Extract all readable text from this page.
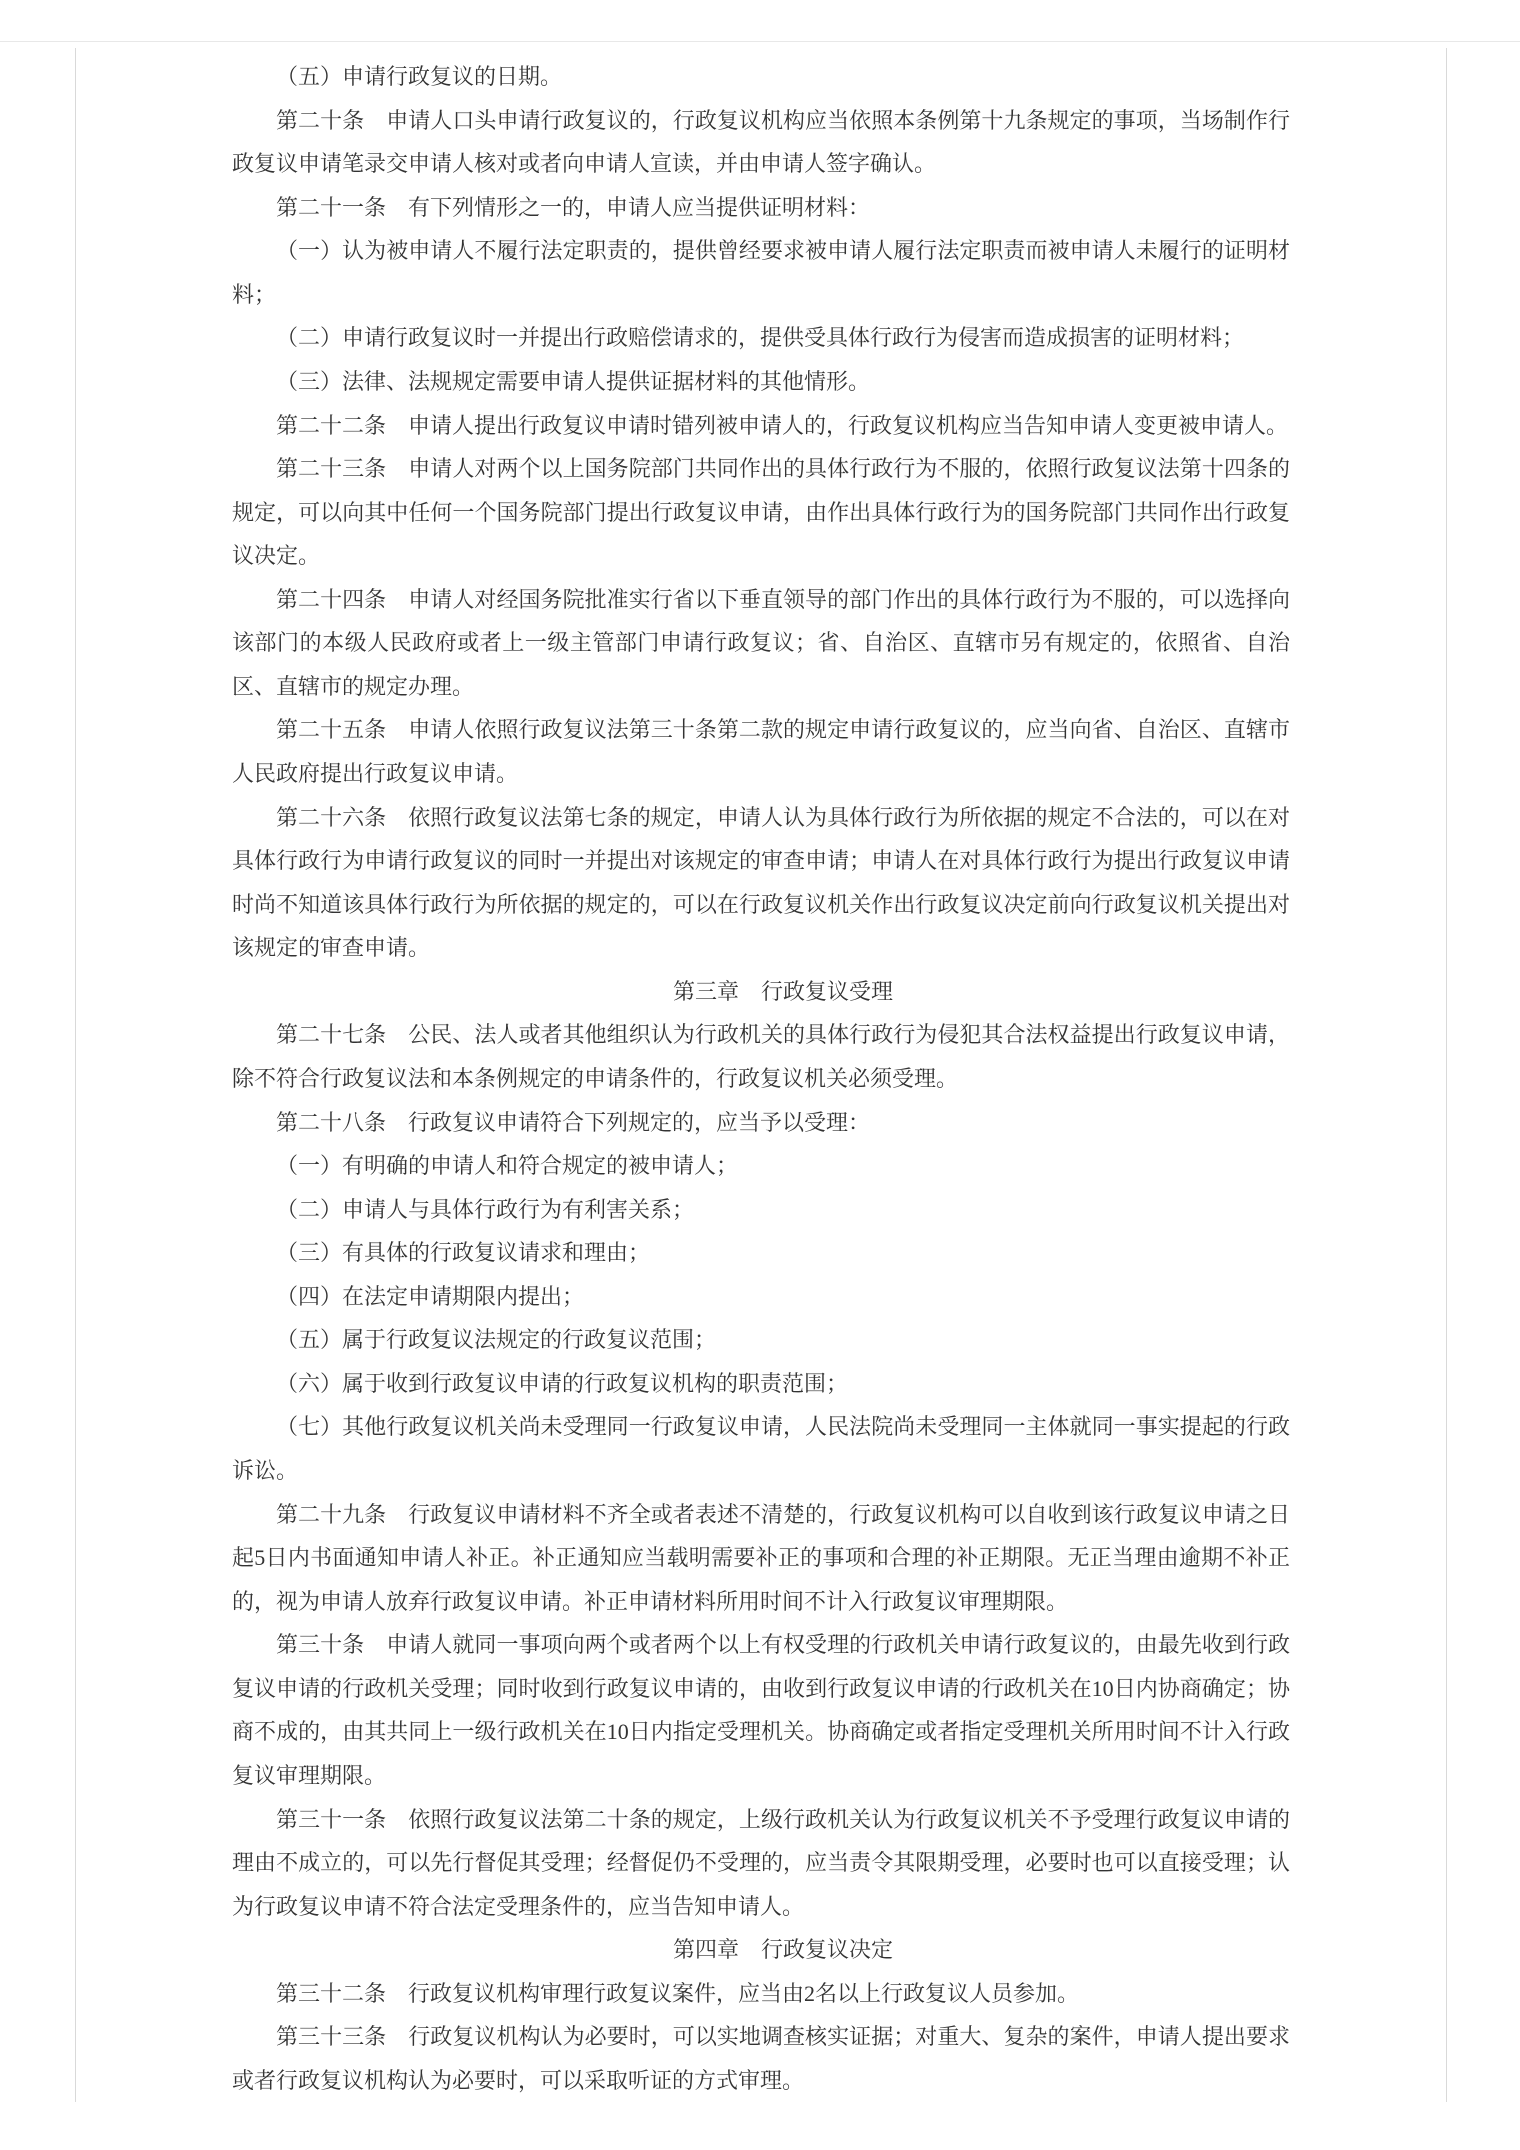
（五）申请行政复议的日期。

第二十条　申请人口头申请行政复议的，行政复议机构应当依照本条例第十九条规定的事项，当场制作行政复议申请笔录交申请人核对或者向申请人宣读，并由申请人签字确认。

第二十一条　有下列情形之一的，申请人应当提供证明材料：

（一）认为被申请人不履行法定职责的，提供曾经要求被申请人履行法定职责而被申请人未履行的证明材料；

（二）申请行政复议时一并提出行政赔偿请求的，提供受具体行政行为侵害而造成损害的证明材料；

（三）法律、法规规定需要申请人提供证据材料的其他情形。

第二十二条　申请人提出行政复议申请时错列被申请人的，行政复议机构应当告知申请人变更被申请人。

第二十三条　申请人对两个以上国务院部门共同作出的具体行政行为不服的，依照行政复议法第十四条的规定，可以向其中任何一个国务院部门提出行政复议申请，由作出具体行政行为的国务院部门共同作出行政复议决定。

第二十四条　申请人对经国务院批准实行省以下垂直领导的部门作出的具体行政行为不服的，可以选择向该部门的本级人民政府或者上一级主管部门申请行政复议；省、自治区、直辖市另有规定的，依照省、自治区、直辖市的规定办理。

第二十五条　申请人依照行政复议法第三十条第二款的规定申请行政复议的，应当向省、自治区、直辖市人民政府提出行政复议申请。

第二十六条　依照行政复议法第七条的规定，申请人认为具体行政行为所依据的规定不合法的，可以在对具体行政行为申请行政复议的同时一并提出对该规定的审查申请；申请人在对具体行政行为提出行政复议申请时尚不知道该具体行政行为所依据的规定的，可以在行政复议机关作出行政复议决定前向行政复议机关提出对该规定的审查申请。

第三章　行政复议受理

第二十七条　公民、法人或者其他组织认为行政机关的具体行政行为侵犯其合法权益提出行政复议申请，除不符合行政复议法和本条例规定的申请条件的，行政复议机关必须受理。

第二十八条　行政复议申请符合下列规定的，应当予以受理：

（一）有明确的申请人和符合规定的被申请人；

（二）申请人与具体行政行为有利害关系；

（三）有具体的行政复议请求和理由；

（四）在法定申请期限内提出；

（五）属于行政复议法规定的行政复议范围；

（六）属于收到行政复议申请的行政复议机构的职责范围；

（七）其他行政复议机关尚未受理同一行政复议申请，人民法院尚未受理同一主体就同一事实提起的行政诉讼。

第二十九条　行政复议申请材料不齐全或者表述不清楚的，行政复议机构可以自收到该行政复议申请之日起5日内书面通知申请人补正。补正通知应当载明需要补正的事项和合理的补正期限。无正当理由逾期不补正的，视为申请人放弃行政复议申请。补正申请材料所用时间不计入行政复议审理期限。

第三十条　申请人就同一事项向两个或者两个以上有权受理的行政机关申请行政复议的，由最先收到行政复议申请的行政机关受理；同时收到行政复议申请的，由收到行政复议申请的行政机关在10日内协商确定；协商不成的，由其共同上一级行政机关在10日内指定受理机关。协商确定或者指定受理机关所用时间不计入行政复议审理期限。

第三十一条　依照行政复议法第二十条的规定，上级行政机关认为行政复议机关不予受理行政复议申请的理由不成立的，可以先行督促其受理；经督促仍不受理的，应当责令其限期受理，必要时也可以直接受理；认为行政复议申请不符合法定受理条件的，应当告知申请人。

第四章　行政复议决定

第三十二条　行政复议机构审理行政复议案件，应当由2名以上行政复议人员参加。

第三十三条　行政复议机构认为必要时，可以实地调查核实证据；对重大、复杂的案件，申请人提出要求或者行政复议机构认为必要时，可以采取听证的方式审理。
